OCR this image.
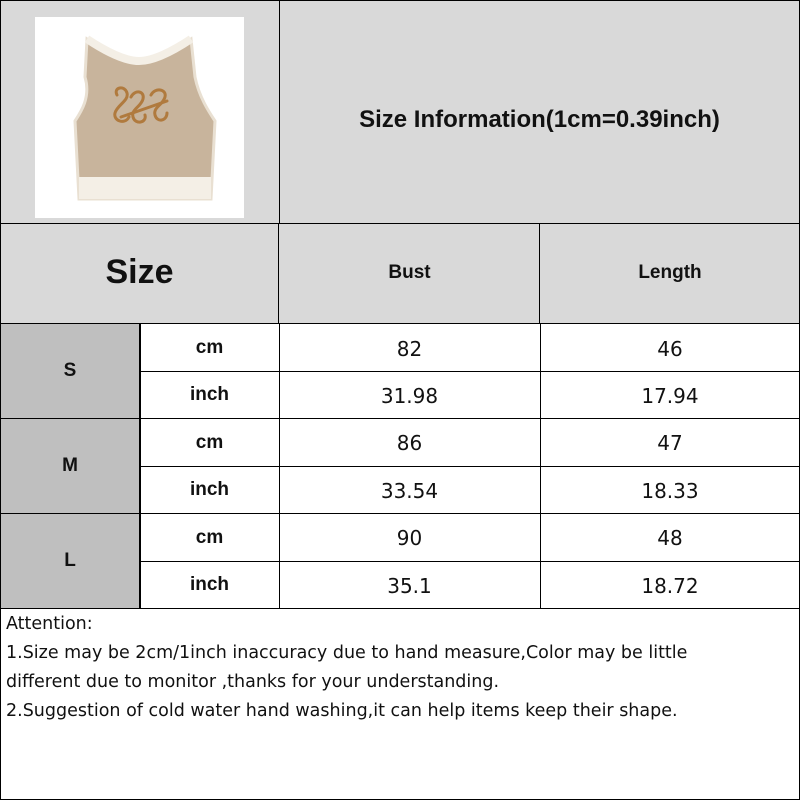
Size Information(1cm=0.39inch)
Size	Bust	Length
S
cm	82	46
inch	31.98	17.94
M
cm	86	47
inch	33.54	18.33
L
cm	90	48
inch	35.1	18.72
Attention:
1.Size may be 2cm/1inch inaccuracy due to hand measure,Color may be little
different due to monitor ,thanks for your understanding.
2.Suggestion of cold water hand washing,it can help items keep their shape.
